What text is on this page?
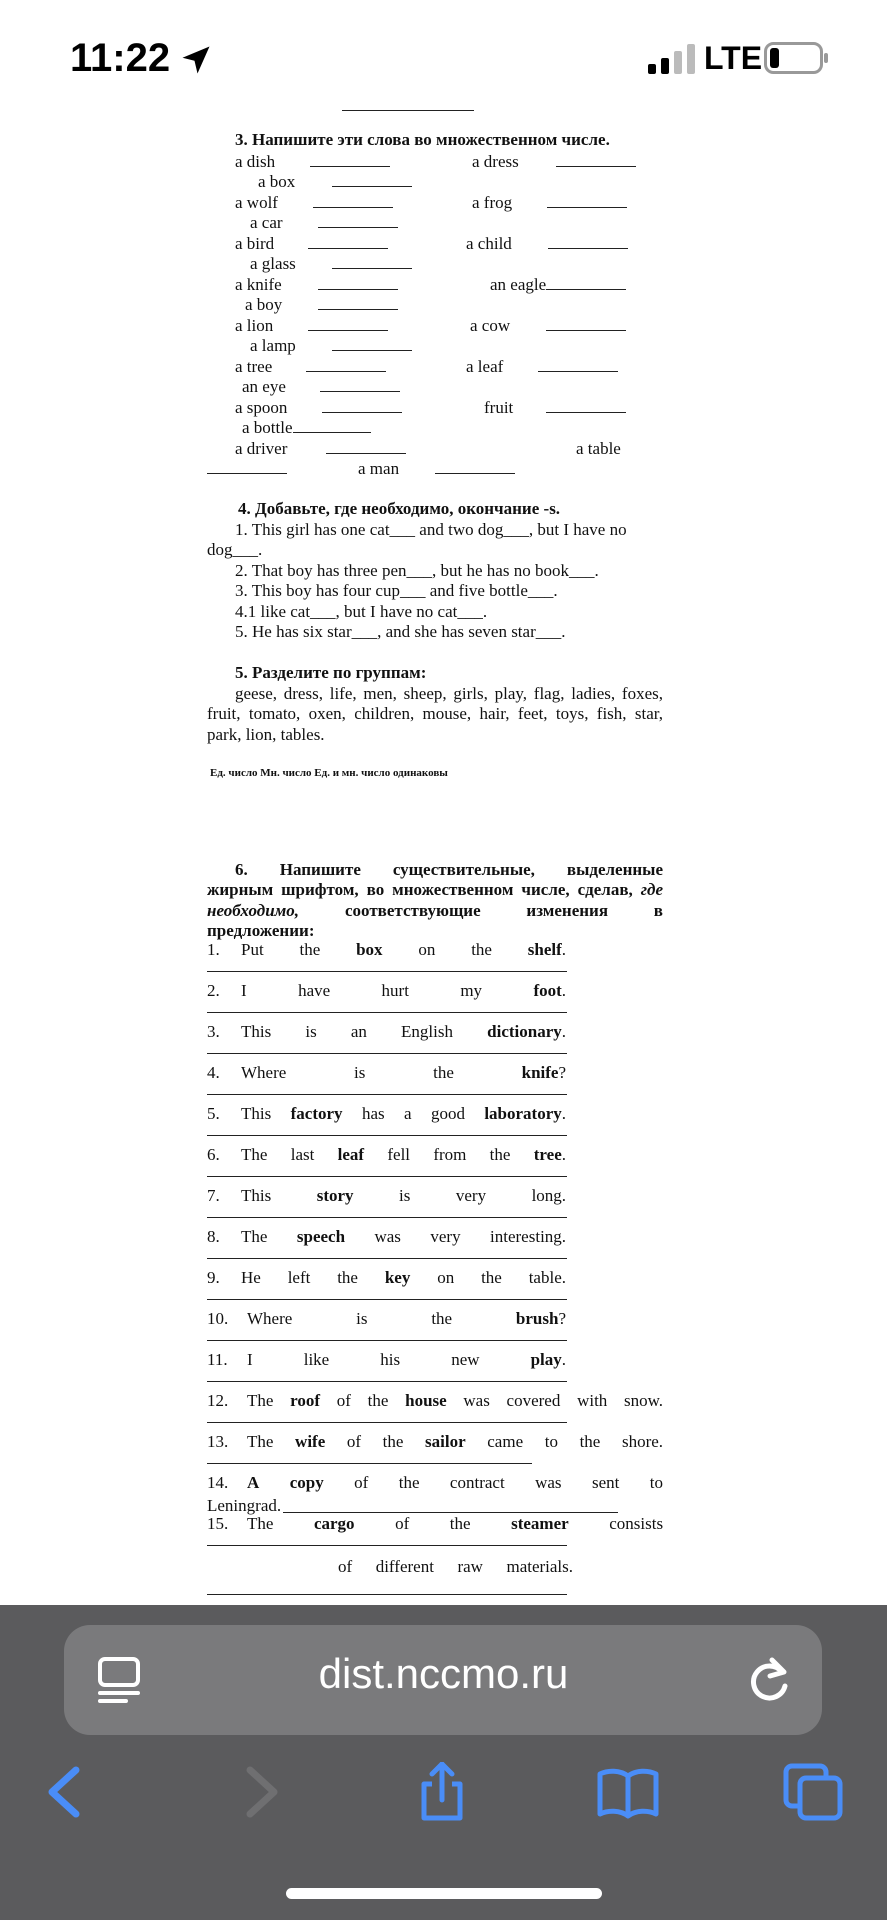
11:22	LTE
3. Напишите эти слова во множественном числе.
a dish	a dress
a box
a wolf	a frog
a car
a bird	a child
a glass
a knife	an eagle
a boy
a lion	a cow
a lamp
a tree	a leaf
an eye
a spoon	fruit
a bottle
a driver	a table
a man
4. Добавьте, где необходимо, окончание -s.
1. This girl has one cat___ and two dog___, but I have no
dog___.
2. That boy has three pen___, but he has no book___.
3. This boy has four cup___ and five bottle___.
4.1 like cat___, but I have no cat___.
5. He has six star___, and she has seven star___.
5. Разделите по группам:
geese, dress, life, men, sheep, girls, play, flag, ladies, foxes,
fruit, tomato, oxen, children, mouse, hair, feet, toys, fish, star,
park, lion, tables.
Ед. число Мн. число Ед. и мн. число одинаковы
6. Напишите существительные, выделенные
жирным шрифтом, во множественном числе, сделав, где
необходимо,	соответствующие изменения в
предложении:
1. Put the box on the shelf.
2. I	have	hurt	my	foot.
3. This is an English dictionary.
4. Where	is	the	knife?
5. This factory has a good laboratory.
6. The last leaf fell from the tree.
7. This	story	is	very	long.
8. The speech was very interesting.
9. He left the key on the table.
10. Where	is	the	brush?
11. I	like	his	new	play.
12. The roof of the house was covered with snow.
13. The wife of the sailor came to the shore.
14. A copy of the contract was sent to
15. The cargo of the steamer consists
Leningrad.
of different raw materials.
dist.nccmo.ru
